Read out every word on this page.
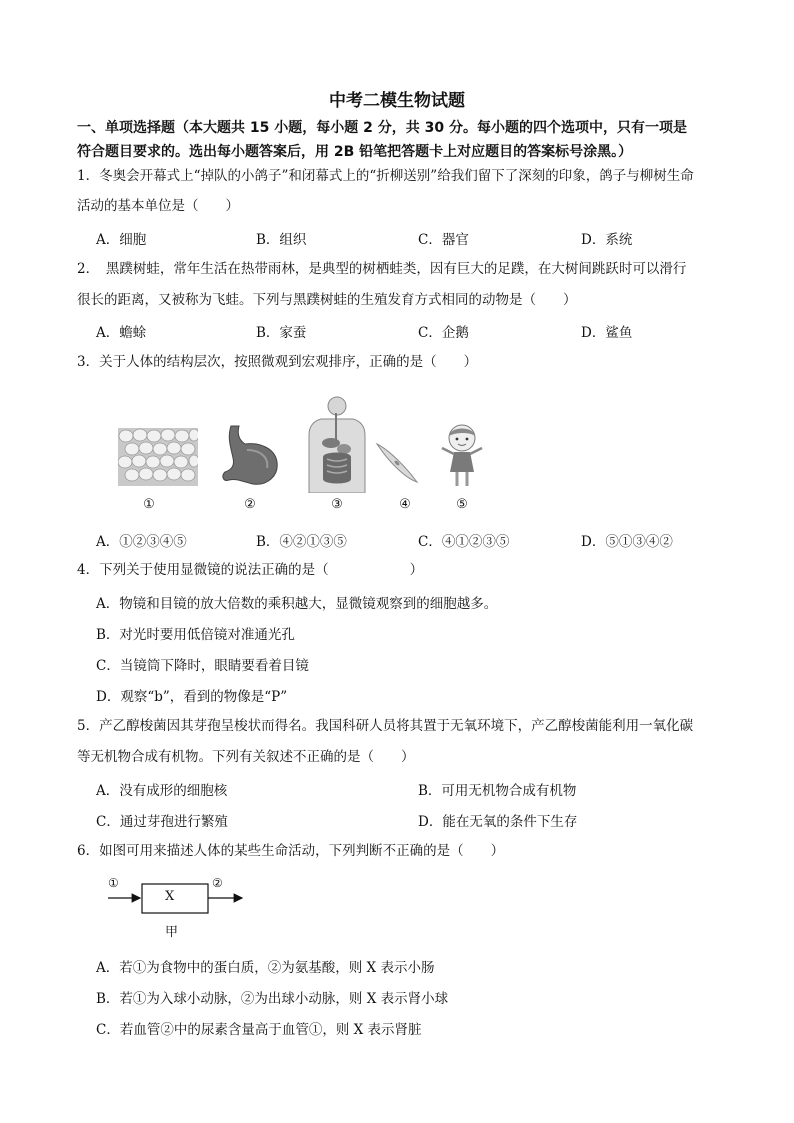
中考二模生物试题
一、单项选择题（本大题共 15 小题，每小题 2 分，共 30 分。每小题的四个选项中，只有一项是
符合题目要求的。选出每小题答案后，用 2B 铅笔把答题卡上对应题目的答案标号涂黑。）
1．冬奥会开幕式上“掉队的小鸽子”和闭幕式上的“折柳送别”给我们留下了深刻的印象，鸽子与柳树生命
活动的基本单位是（　　）
A．细胞	B．组织	C．器官	D．系统
2．　黑蹼树蛙，常年生活在热带雨林，是典型的树栖蛙类，因有巨大的足蹼，在大树间跳跃时可以滑行
很长的距离，又被称为飞蛙。下列与黑蹼树蛙的生殖发育方式相同的动物是（　　）
A．蟾蜍	B．家蚕	C．企鹅	D．鲨鱼
3．关于人体的结构层次，按照微观到宏观排序，正确的是（　　）
①	②	③	④	⑤
A．①②③④⑤	B．④②①③⑤	C．④①②③⑤	D．⑤①③④②
4．下列关于使用显微镜的说法正确的是（　　　　　　）
A．物镜和目镜的放大倍数的乘积越大，显微镜观察到的细胞越多。
B．对光时要用低倍镜对准通光孔
C．当镜筒下降时，眼睛要看着目镜
D．观察“b”，看到的物像是“P”
5．产乙醇梭菌因其芽孢呈梭状而得名。我国科研人员将其置于无氧环境下，产乙醇梭菌能利用一氧化碳
等无机物合成有机物。下列有关叙述不正确的是（　　）
A．没有成形的细胞核	B．可用无机物合成有机物
C．通过芽孢进行繁殖	D．能在无氧的条件下生存
6．如图可用来描述人体的某些生命活动，下列判断不正确的是（　　）
①
X
②
甲
A．若①为食物中的蛋白质，②为氨基酸，则 X 表示小肠
B．若①为入球小动脉，②为出球小动脉，则 X 表示肾小球
C．若血管②中的尿素含量高于血管①，则 X 表示肾脏
